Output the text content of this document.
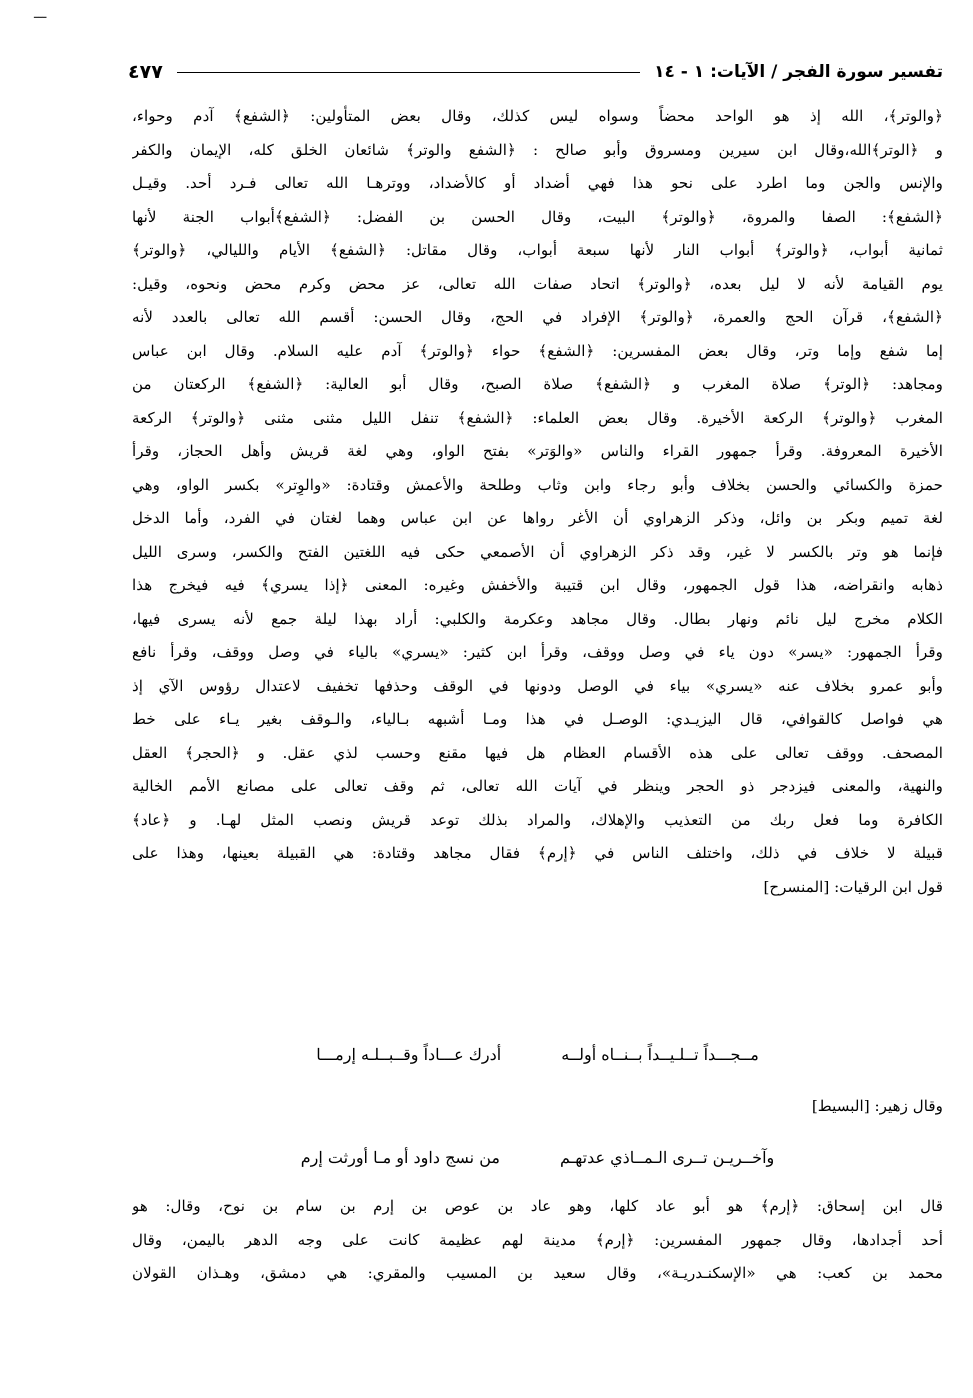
ـــ
تفسير سورة الفجر / الآيات: ١ - ١٤
٤٧٧
﴿والوتر﴾، الله إذ هو الواحد محضاً وسواه ليس كذلك، وقال بعض المتأولين: ﴿الشفع﴾ آدم وحواء،
و ﴿الوتر﴾الله،وقال ابن سيرين ومسروق وأبو صالح : ﴿الشفع والوتر﴾ شائعان الخلق كله، الإيمان والكفر
والإنس والجن وما اطرد على نحو هذا فهي أضداد أو كالأضداد، ووترهـا الله تعالى فـرد أحد. وقيـل
﴿الشفع﴾: الصفا والمروة، ﴿والوتر﴾ البيت، وقال الحسن بن الفضل: ﴿الشفع﴾أبواب الجنة لأنها
ثمانية أبواب، ﴿والوتر﴾ أبواب النار لأنها سبعة أبواب، وقال مقاتل: ﴿الشفع﴾ الأيام والليالي، ﴿والوتر﴾
يوم القيامة لأنه لا ليل بعده، ﴿والوتر﴾ اتحاد صفات الله تعالى، عز محض وكرم محض ونحوه، وقيل:
﴿الشفع﴾، قرآن الحج والعمرة، ﴿والوتر﴾ الإفراد في الحج، وقال الحسن: أقسم الله تعالى بالعدد لأنه
إما شفع وإما وتر، وقال بعض المفسرين: ﴿الشفع﴾ حواء ﴿والوتر﴾ آدم عليه السلام. وقال ابن عباس
ومجاهد: ﴿الوتر﴾ صلاة المغرب و ﴿الشفع﴾ صلاة الصبح، وقال أبو العالية: ﴿الشفع﴾ الركعتان من
المغرب ﴿والوتر﴾ الركعة الأخيرة. وقال بعض العلماء: ﴿الشفع﴾ تنفل الليل مثنى مثنى ﴿والوتر﴾ الركعة
الأخيرة المعروفة. وقرأ جمهور القراء والناس «والوَتر» بفتح الواو، وهي لغة قريش وأهل الحجاز، وقرأ
حمزة والكسائي والحسن بخلاف وأبو رجاء وابن وثاب وطلحة والأعمش وقتادة: «والوِتر» بكسر الواو، وهي
لغة تميم وبكر بن وائل، وذكر الزهراوي أن الأغر رواها عن ابن عباس وهما لغتان في الفرد، وأما الدخل
فإنما هو وتر بالكسر لا غير، وقد ذكر الزهراوي أن الأصمعي حكى فيه اللغتين الفتح والكسر، وسرى الليل
ذهابه وانقراضه، هذا قول الجمهور، وقال ابن قتيبة والأخفش وغيره: المعنى ﴿إذا يسري﴾ فيه فيخرج هذا
الكلام مخرج ليل نائم ونهار بطال. وقال مجاهد وعكرمة والكلبي: أراد بهذا ليلة جمع لأنه يسرى فيها،
وقرأ الجمهور: «يسر» دون ياء في وصل ووقف، وقرأ ابن كثير: «يسري» بالياء في وصل ووقف، وقرأ نافع
وأبو عمرو بخلاف عنه «يسري» بياء في الوصل ودونها في الوقف وحذفها تخفيف لاعتدال رؤوس الآي إذ
هي فواصل كالقوافي، قال اليزيـدي: الوصـل في هذا ومـا أشبهه بـالياء، والـوقف بغير يـاء على خط
المصحف. ووقف تعالى على هذه الأقسام العظام هل فيها مقنع وحسب لذي عقل. و ﴿الحجر﴾ العقل
والنهية، والمعنى فيزدجر ذو الحجر وينظر في آيات الله تعالى، ثم وقف تعالى على مصانع الأمم الخالية
الكافرة وما فعل ربك من التعذيب والإهلاك، والمراد بذلك توعد قريش ونصب المثل لهـا. و ﴿عاد﴾
قبيلة لا خلاف في ذلك، واختلف الناس في ﴿إرم﴾ فقال مجاهد وقتادة: هي القبيلة بعينها، وهذا على
قول ابن الرقيات: [المنسرح]
مــجـــداً تــلـيــداً بــنــاه أولــه
أدرك عـــاداً وقــبــلـه إرمـــا
وقال زهير: [البسيط]
وآخــريـن تــرى الـمــاذي عدتهـم
من نسج داود أو مـا أورثت إرم
قال ابن إسحاق: ﴿إرم﴾ هو أبو عاد كلها، وهو عاد بن عوص بن إرم بن سام بن نوح، وقال: هو
أحد أجدادها، وقال جمهور المفسرين: ﴿إرم﴾ مدينة لهم عظيمة كانت على وجه الدهر باليمن، وقال
محمد بن كعب: هي «الإسكنـدريـة»، وقال سعيد بن المسيب والمقري: هي دمشق، وهـذان القولان
